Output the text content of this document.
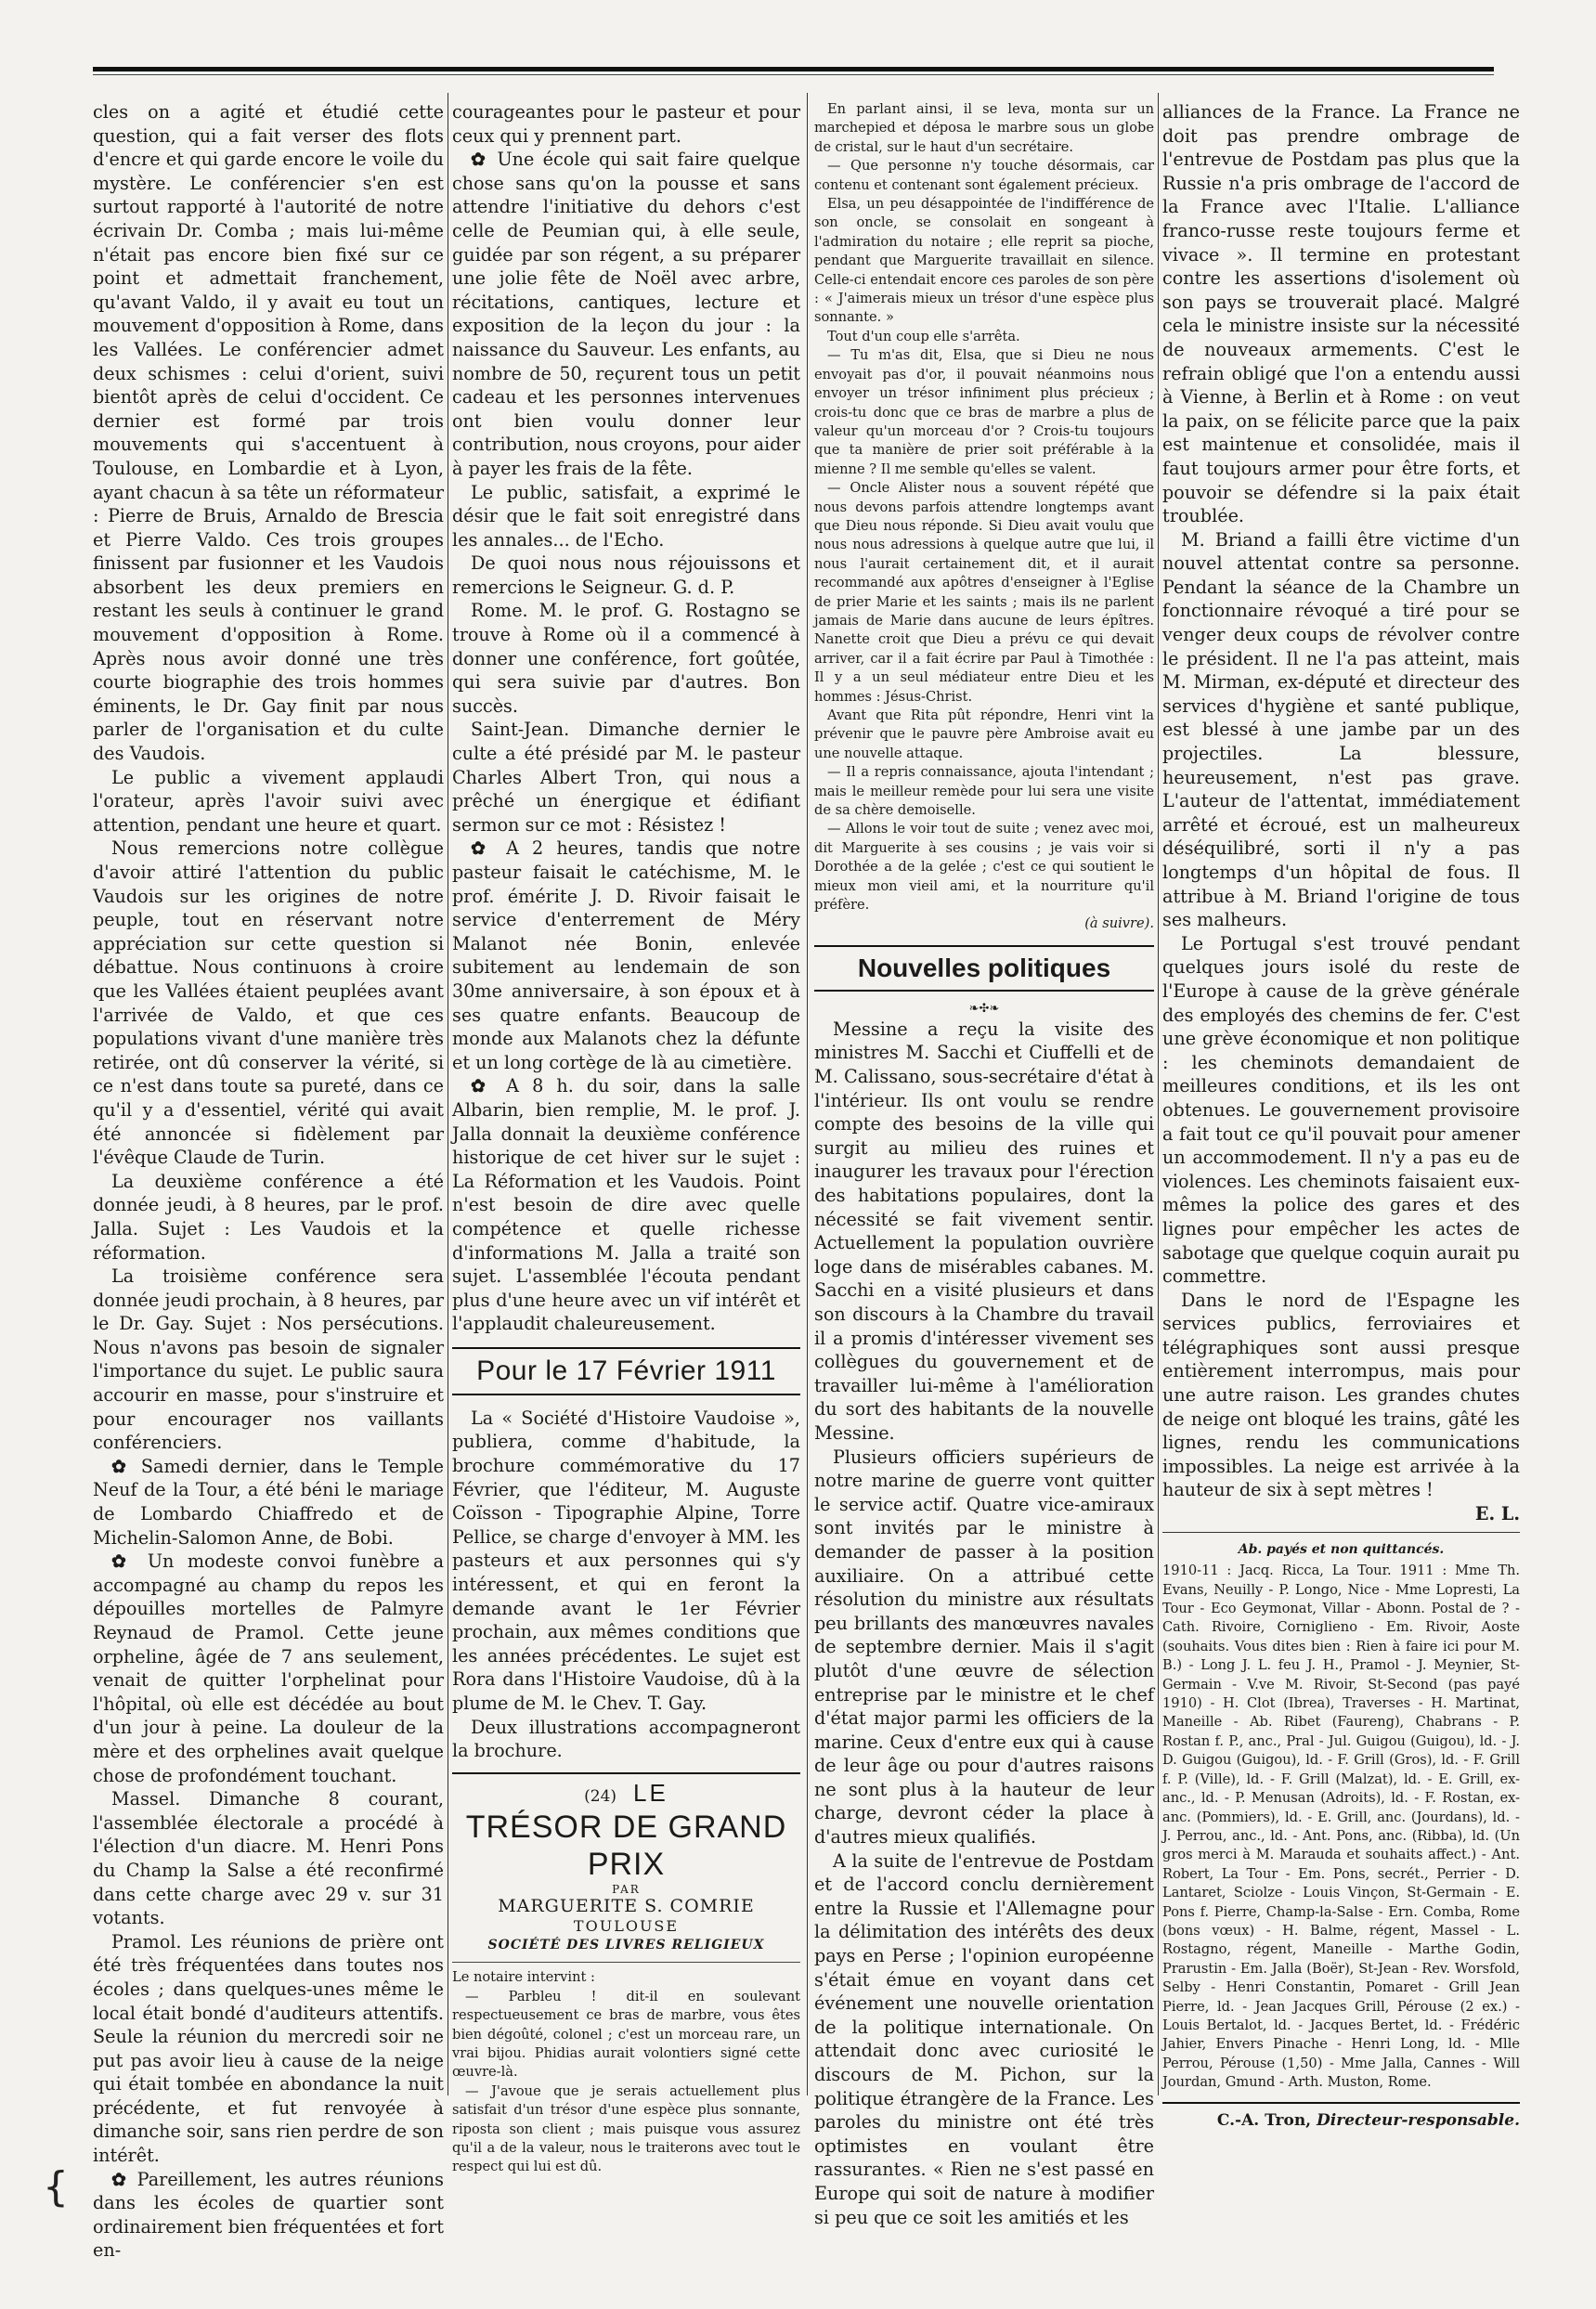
cles on a agité et étudié cette question, qui a fait verser des flots d'encre et qui garde encore le voile du mystère. Le conférencier s'en est surtout rapporté à l'autorité de notre écrivain Dr. Comba ; mais lui-même n'était pas encore bien fixé sur ce point et admettait franchement, qu'avant Valdo, il y avait eu tout un mouvement d'opposition à Rome, dans les Vallées. Le conférencier admet deux schismes : celui d'orient, suivi bientôt après de celui d'occident. Ce dernier est formé par trois mouvements qui s'accentuent à Toulouse, en Lombardie et à Lyon, ayant chacun à sa tête un réformateur : Pierre de Bruis, Arnaldo de Brescia et Pierre Valdo. Ces trois groupes finissent par fusionner et les Vaudois absorbent les deux premiers en restant les seuls à continuer le grand mouvement d'opposition à Rome. Après nous avoir donné une très courte biographie des trois hommes éminents, le Dr. Gay finit par nous parler de l'organisation et du culte des Vaudois.

Le public a vivement applaudi l'orateur, après l'avoir suivi avec attention, pendant une heure et quart.

Nous remercions notre collègue d'avoir attiré l'attention du public Vaudois sur les origines de notre peuple, tout en réservant notre appréciation sur cette question si débattue. Nous continuons à croire que les Vallées étaient peuplées avant l'arrivée de Valdo, et que ces populations vivant d'une manière très retirée, ont dû conserver la vérité, si ce n'est dans toute sa pureté, dans ce qu'il y a d'essentiel, vérité qui avait été annoncée si fidèlement par l'évêque Claude de Turin.

La deuxième conférence a été donnée jeudi, à 8 heures, par le prof. Jalla. Sujet : Les Vaudois et la réformation.

La troisième conférence sera donnée jeudi prochain, à 8 heures, par le Dr. Gay. Sujet : Nos persécutions. Nous n'avons pas besoin de signaler l'importance du sujet. Le public saura accourir en masse, pour s'instruire et pour encourager nos vaillants conférenciers.

✿ Samedi dernier, dans le Temple Neuf de la Tour, a été béni le mariage de Lombardo Chiaffredo et de Michelin-Salomon Anne, de Bobi.

✿ Un modeste convoi funèbre a accompagné au champ du repos les dépouilles mortelles de Palmyre Reynaud de Pramol. Cette jeune orpheline, âgée de 7 ans seulement, venait de quitter l'orphelinat pour l'hôpital, où elle est décédée au bout d'un jour à peine. La douleur de la mère et des orphelines avait quelque chose de profondément touchant.

Massel. Dimanche 8 courant, l'assemblée électorale a procédé à l'élection d'un diacre. M. Henri Pons du Champ la Salse a été reconfirmé dans cette charge avec 29 v. sur 31 votants.

Pramol. Les réunions de prière ont été très fréquentées dans toutes nos écoles ; dans quelques-unes même le local était bondé d'auditeurs attentifs. Seule la réunion du mercredi soir ne put pas avoir lieu à cause de la neige qui était tombée en abondance la nuit précédente, et fut renvoyée à dimanche soir, sans rien perdre de son intérêt.

✿ Pareillement, les autres réunions dans les écoles de quartier sont ordinairement bien fréquentées et fort en-

courageantes pour le pasteur et pour ceux qui y prennent part.

✿ Une école qui sait faire quelque chose sans qu'on la pousse et sans attendre l'initiative du dehors c'est celle de Peumian qui, à elle seule, guidée par son régent, a su préparer une jolie fête de Noël avec arbre, récitations, cantiques, lecture et exposition de la leçon du jour : la naissance du Sauveur. Les enfants, au nombre de 50, reçurent tous un petit cadeau et les personnes intervenues ont bien voulu donner leur contribution, nous croyons, pour aider à payer les frais de la fête.

Le public, satisfait, a exprimé le désir que le fait soit enregistré dans les annales... de l'Echo.

De quoi nous nous réjouissons et remercions le Seigneur. G. d. P.

Rome. M. le prof. G. Rostagno se trouve à Rome où il a commencé à donner une conférence, fort goûtée, qui sera suivie par d'autres. Bon succès.

Saint-Jean. Dimanche dernier le culte a été présidé par M. le pasteur Charles Albert Tron, qui nous a prêché un énergique et édifiant sermon sur ce mot : Résistez !

✿ A 2 heures, tandis que notre pasteur faisait le catéchisme, M. le prof. émérite J. D. Rivoir faisait le service d'enterrement de Méry Malanot née Bonin, enlevée subitement au lendemain de son 30me anniversaire, à son époux et à ses quatre enfants. Beaucoup de monde aux Malanots chez la défunte et un long cortège de là au cimetière.

✿ A 8 h. du soir, dans la salle Albarin, bien remplie, M. le prof. J. Jalla donnait la deuxième conférence historique de cet hiver sur le sujet : La Réformation et les Vaudois. Point n'est besoin de dire avec quelle compétence et quelle richesse d'informations M. Jalla a traité son sujet. L'assemblée l'écouta pendant plus d'une heure avec un vif intérêt et l'applaudit chaleureusement.

Pour le 17 Février 1911

La « Société d'Histoire Vaudoise », publiera, comme d'habitude, la brochure commémorative du 17 Février, que l'éditeur, M. Auguste Coïsson - Tipographie Alpine, Torre Pellice, se charge d'envoyer à MM. les pasteurs et aux personnes qui s'y intéressent, et qui en feront la demande avant le 1er Février prochain, aux mêmes conditions que les années précédentes. Le sujet est Rora dans l'Histoire Vaudoise, dû à la plume de M. le Chev. T. Gay.

Deux illustrations accompagneront la brochure.

(24) LE
TRÉSOR DE GRAND PRIX
PAR
MARGUERITE S. COMRIE
TOULOUSE
SOCIÉTÉ DES LIVRES RELIGIEUX

Le notaire intervint :

— Parbleu ! dit-il en soulevant respectueusement ce bras de marbre, vous êtes bien dégoûté, colonel ; c'est un morceau rare, un vrai bijou. Phidias aurait volontiers signé cette œuvre-là.

— J'avoue que je serais actuellement plus satisfait d'un trésor d'une espèce plus sonnante, riposta son client ; mais puisque vous assurez qu'il a de la valeur, nous le traiterons avec tout le respect qui lui est dû.

En parlant ainsi, il se leva, monta sur un marchepied et déposa le marbre sous un globe de cristal, sur le haut d'un secrétaire.

— Que personne n'y touche désormais, car contenu et contenant sont également précieux.

Elsa, un peu désappointée de l'indifférence de son oncle, se consolait en songeant à l'admiration du notaire ; elle reprit sa pioche, pendant que Marguerite travaillait en silence. Celle-ci entendait encore ces paroles de son père : « J'aimerais mieux un trésor d'une espèce plus sonnante. »

Tout d'un coup elle s'arrêta.

— Tu m'as dit, Elsa, que si Dieu ne nous envoyait pas d'or, il pouvait néanmoins nous envoyer un trésor infiniment plus précieux ; crois-tu donc que ce bras de marbre a plus de valeur qu'un morceau d'or ? Crois-tu toujours que ta manière de prier soit préférable à la mienne ? Il me semble qu'elles se valent.

— Oncle Alister nous a souvent répété que nous devons parfois attendre longtemps avant que Dieu nous réponde. Si Dieu avait voulu que nous nous adressions à quelque autre que lui, il nous l'aurait certainement dit, et il aurait recommandé aux apôtres d'enseigner à l'Eglise de prier Marie et les saints ; mais ils ne parlent jamais de Marie dans aucune de leurs épîtres. Nanette croit que Dieu a prévu ce qui devait arriver, car il a fait écrire par Paul à Timothée : Il y a un seul médiateur entre Dieu et les hommes : Jésus-Christ.

Avant que Rita pût répondre, Henri vint la prévenir que le pauvre père Ambroise avait eu une nouvelle attaque.

— Il a repris connaissance, ajouta l'intendant ; mais le meilleur remède pour lui sera une visite de sa chère demoiselle.

— Allons le voir tout de suite ; venez avec moi, dit Marguerite à ses cousins ; je vais voir si Dorothée a de la gelée ; c'est ce qui soutient le mieux mon vieil ami, et la nourriture qu'il préfère.

(à suivre).
Nouvelles politiques
❧✣❧

Messine a reçu la visite des ministres M. Sacchi et Ciuffelli et de M. Calissano, sous-secrétaire d'état à l'intérieur. Ils ont voulu se rendre compte des besoins de la ville qui surgit au milieu des ruines et inaugurer les travaux pour l'érection des habitations populaires, dont la nécessité se fait vivement sentir. Actuellement la population ouvrière loge dans de misérables cabanes. M. Sacchi en a visité plusieurs et dans son discours à la Chambre du travail il a promis d'intéresser vivement ses collègues du gouvernement et de travailler lui-même à l'amélioration du sort des habitants de la nouvelle Messine.

Plusieurs officiers supérieurs de notre marine de guerre vont quitter le service actif. Quatre vice-amiraux sont invités par le ministre à demander de passer à la position auxiliaire. On a attribué cette résolution du ministre aux résultats peu brillants des manœuvres navales de septembre dernier. Mais il s'agit plutôt d'une œuvre de sélection entreprise par le ministre et le chef d'état major parmi les officiers de la marine. Ceux d'entre eux qui à cause de leur âge ou pour d'autres raisons ne sont plus à la hauteur de leur charge, devront céder la place à d'autres mieux qualifiés.

A la suite de l'entrevue de Postdam et de l'accord conclu dernièrement entre la Russie et l'Allemagne pour la délimitation des intérêts des deux pays en Perse ; l'opinion européenne s'était émue en voyant dans cet événement une nouvelle orientation de la politique internationale. On attendait donc avec curiosité le discours de M. Pichon, sur la politique étrangère de la France. Les paroles du ministre ont été très optimistes en voulant être rassurantes. « Rien ne s'est passé en Europe qui soit de nature à modifier si peu que ce soit les amitiés et les

alliances de la France. La France ne doit pas prendre ombrage de l'entrevue de Postdam pas plus que la Russie n'a pris ombrage de l'accord de la France avec l'Italie. L'alliance franco-russe reste toujours ferme et vivace ». Il termine en protestant contre les assertions d'isolement où son pays se trouverait placé. Malgré cela le ministre insiste sur la nécessité de nouveaux armements. C'est le refrain obligé que l'on a entendu aussi à Vienne, à Berlin et à Rome : on veut la paix, on se félicite parce que la paix est maintenue et consolidée, mais il faut toujours armer pour être forts, et pouvoir se défendre si la paix était troublée.

M. Briand a failli être victime d'un nouvel attentat contre sa personne. Pendant la séance de la Chambre un fonctionnaire révoqué a tiré pour se venger deux coups de révolver contre le président. Il ne l'a pas atteint, mais M. Mirman, ex-député et directeur des services d'hygiène et santé publique, est blessé à une jambe par un des projectiles. La blessure, heureusement, n'est pas grave. L'auteur de l'attentat, immédiatement arrêté et écroué, est un malheureux déséquilibré, sorti il n'y a pas longtemps d'un hôpital de fous. Il attribue à M. Briand l'origine de tous ses malheurs.

Le Portugal s'est trouvé pendant quelques jours isolé du reste de l'Europe à cause de la grève générale des employés des chemins de fer. C'est une grève économique et non politique : les cheminots demandaient de meilleures conditions, et ils les ont obtenues. Le gouvernement provisoire a fait tout ce qu'il pouvait pour amener un accommodement. Il n'y a pas eu de violences. Les cheminots faisaient eux-mêmes la police des gares et des lignes pour empêcher les actes de sabotage que quelque coquin aurait pu commettre.

Dans le nord de l'Espagne les services publics, ferroviaires et télégraphiques sont aussi presque entièrement interrompus, mais pour une autre raison. Les grandes chutes de neige ont bloqué les trains, gâté les lignes, rendu les communications impossibles. La neige est arrivée à la hauteur de six à sept mètres !

E. L.
Ab. payés et non quittancés.

1910-11 : Jacq. Ricca, La Tour. 1911 : Mme Th. Evans, Neuilly - P. Longo, Nice - Mme Lopresti, La Tour - Eco Geymonat, Villar - Abonn. Postal de ? - Cath. Rivoire, Corniglieno - Em. Rivoir, Aoste (souhaits. Vous dites bien : Rien à faire ici pour M. B.) - Long J. L. feu J. H., Pramol - J. Meynier, St-Germain - V.ve M. Rivoir, St-Second (pas payé 1910) - H. Clot (Ibrea), Traverses - H. Martinat, Maneille - Ab. Ribet (Faureng), Chabrans - P. Rostan f. P., anc., Pral - Jul. Guigou (Guigou), ld. - J. D. Guigou (Guigou), ld. - F. Grill (Gros), ld. - F. Grill f. P. (Ville), ld. - F. Grill (Malzat), ld. - E. Grill, ex-anc., ld. - P. Menusan (Adroits), ld. - F. Rostan, ex-anc. (Pommiers), ld. - E. Grill, anc. (Jourdans), ld. - J. Perrou, anc., ld. - Ant. Pons, anc. (Ribba), ld. (Un gros merci à M. Marauda et souhaits affect.) - Ant. Robert, La Tour - Em. Pons, secrét., Perrier - D. Lantaret, Sciolze - Louis Vinçon, St-Germain - E. Pons f. Pierre, Champ-la-Salse - Ern. Comba, Rome (bons vœux) - H. Balme, régent, Massel - L. Rostagno, régent, Maneille - Marthe Godin, Prarustin - Em. Jalla (Boër), St-Jean - Rev. Worsfold, Selby - Henri Constantin, Pomaret - Grill Jean Pierre, ld. - Jean Jacques Grill, Pérouse (2 ex.) - Louis Bertalot, ld. - Jacques Bertet, ld. - Frédéric Jahier, Envers Pinache - Henri Long, ld. - Mlle Perrou, Pérouse (1,50) - Mme Jalla, Cannes - Will Jourdan, Gmund - Arth. Muston, Rome.

C.-A. Tron, Directeur-responsable.
{
